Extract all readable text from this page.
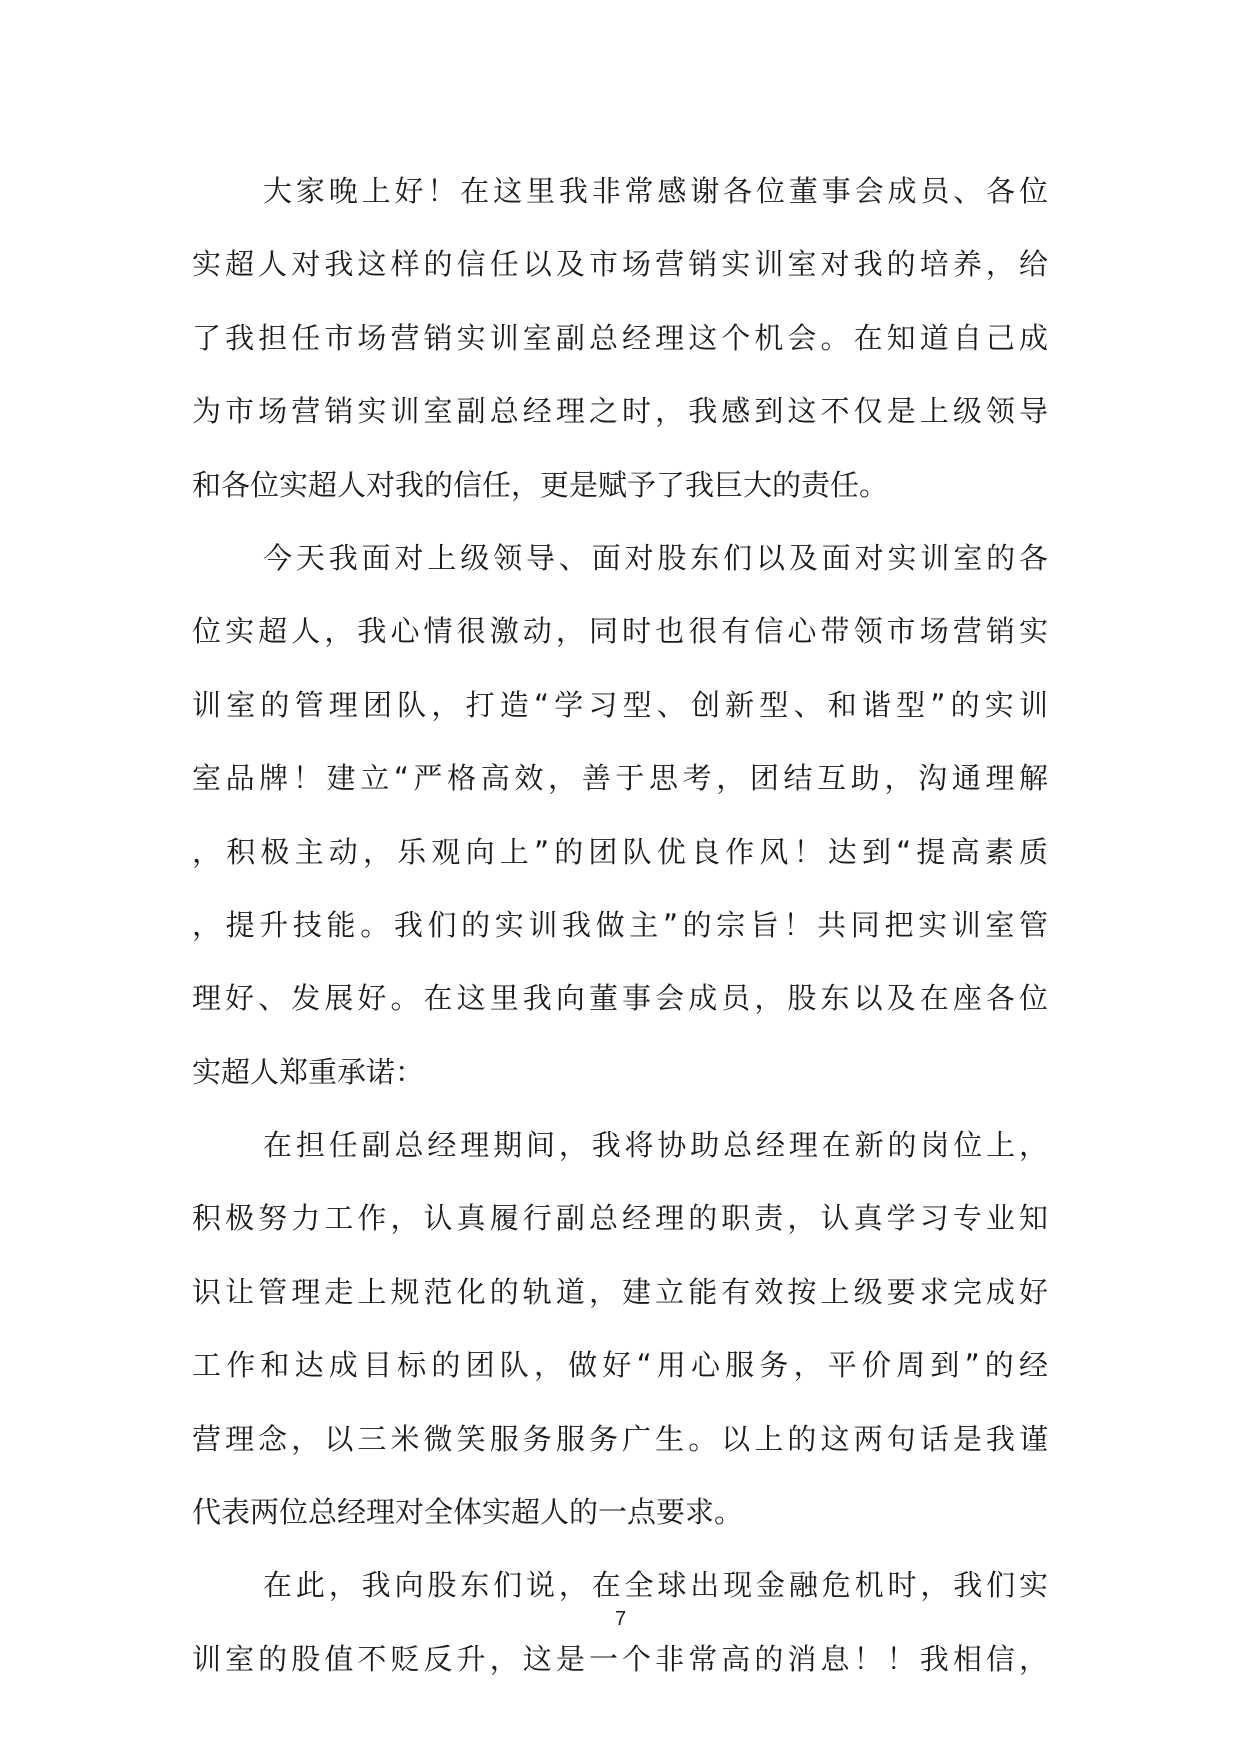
大家晚上好！在这里我非常感谢各位董事会成员、各位
实超人对我这样的信任以及市场营销实训室对我的培养，给
了我担任市场营销实训室副总经理这个机会。在知道自己成
为市场营销实训室副总经理之时，我感到这不仅是上级领导
和各位实超人对我的信任，更是赋予了我巨大的责任。
今天我面对上级领导、面对股东们以及面对实训室的各
位实超人，我心情很激动，同时也很有信心带领市场营销实
训室的管理团队，打造“学习型、创新型、和谐型”的实训
室品牌！建立“严格高效，善于思考，团结互助，沟通理解
，积极主动，乐观向上”的团队优良作风！达到“提高素质
，提升技能。我们的实训我做主”的宗旨！共同把实训室管
理好、发展好。在这里我向董事会成员，股东以及在座各位
实超人郑重承诺：
在担任副总经理期间，我将协助总经理在新的岗位上，
积极努力工作，认真履行副总经理的职责，认真学习专业知
识让管理走上规范化的轨道，建立能有效按上级要求完成好
工作和达成目标的团队，做好“用心服务，平价周到”的经
营理念，以三米微笑服务服务广生。以上的这两句话是我谨
代表两位总经理对全体实超人的一点要求。
在此，我向股东们说，在全球出现金融危机时，我们实
训室的股值不贬反升，这是一个非常高的消息！！我相信，
7
